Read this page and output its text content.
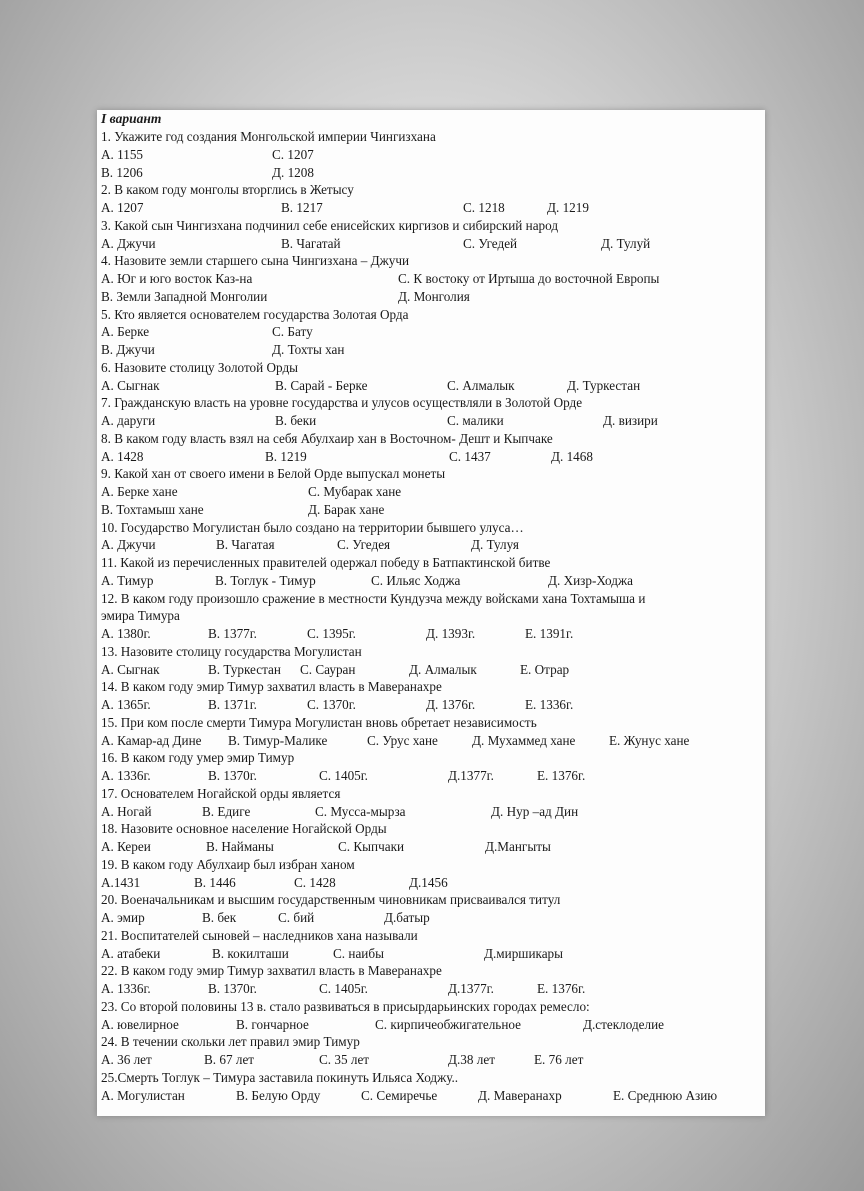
I вариант
1. Укажите год создания Монгольской империи Чингизхана
A. 1155	C. 1207
B. 1206	Д. 1208
2. В каком году монголы вторглись в Жетысу
A. 1207	B. 1217	C. 1218	Д. 1219
3. Какой сын Чингизхана подчинил себе енисейских киргизов и сибирский народ
A. Джучи	B. Чагатай	C. Угедей	Д. Тулуй
4. Назовите земли старшего сына Чингизхана – Джучи
A. Юг и юго восток Каз-на	C. К востоку от Иртыша до восточной Европы
B. Земли Западной Монголии	Д. Монголия
5. Кто является основателем государства Золотая Орда
A. Берке	C. Бату
B. Джучи	Д. Тохты хан
6. Назовите столицу Золотой Орды
A. Сыгнак	B. Сарай - Берке	C. Алмалык	Д. Туркестан
7. Гражданскую власть на уровне государства и улусов осуществляли в Золотой Орде
A. даруги	B. беки	C. малики	Д. визири
8. В каком году власть взял на себя Абулхаир хан в Восточном- Дешт и Кыпчаке
A. 1428	B. 1219	C. 1437	Д. 1468
9. Какой хан от своего имени в Белой Орде выпускал монеты
A. Берке хане	C. Мубарак хане
B. Тохтамыш хане	Д. Барак хане
10. Государство Могулистан было создано на территории бывшего улуса…
A. Джучи	B. Чагатая	C. Угедея	Д. Тулуя
11. Какой из перечисленных правителей одержал победу в Батпактинской битве
A. Тимур	B. Тоглук - Тимур	C. Ильяс Ходжа	Д. Хизр-Ходжа
12. В каком году произошло сражение в местности Кундузча между войсками хана Тохтамыша и
эмира Тимура
A. 1380г.	B. 1377г.	C. 1395г.	Д. 1393г.	E. 1391г.
13. Назовите столицу государства Могулистан
A. Сыгнак	B. Туркестан C. Сауран	Д. Алмалык	E. Отрар
14. В каком году эмир Тимур захватил власть в Маверанахре
A. 1365г.	B. 1371г.	C. 1370г.	Д. 1376г.	E. 1336г.
15. При ком после смерти Тимура Могулистан вновь обретает независимость
A. Камар-ад Дине B. Тимур-Малике	C. Урус хане	Д. Мухаммед хане	E. Жунус хане
16. В каком году умер эмир Тимур
A. 1336г.	B. 1370г.	C. 1405г.	Д.1377г.	E. 1376г.
17. Основателем Ногайской орды является
A. Ногай	B. Едиге	C. Мусса-мырза	Д. Нур –ад Дин
18. Назовите основное население Ногайской Орды
A. Кереи	B. Найманы	C. Кыпчаки	Д.Мангыты
19. В каком году Абулхаир был избран ханом
A.1431	B. 1446	C. 1428	Д.1456
20. Военачальникам и высшим государственным чиновникам присваивался титул
A. эмир	B. бек	C. бий	Д.батыр
21. Воспитателей сыновей – наследников хана называли
A. атабеки	B. кокилташи	C. наибы	Д.миршикары
22. В каком году эмир Тимур захватил власть в Маверанахре
A. 1336г.	B. 1370г.	C. 1405г.	Д.1377г.	E. 1376г.
23. Со второй половины 13 в. стало развиваться в присырдарьинских городах ремесло:
A. ювелирное	B. гончарное	C. кирпичеобжигательное	Д.стеклоделие
24. В течении скольки лет правил эмир Тимур
A. 36 лет	B. 67 лет	C. 35 лет	Д.38 лет	E. 76 лет
25.Смерть Тоглук – Тимура заставила покинуть Ильяса Ходжу..
A. Могулистан	B. Белую Орду	C. Семиречье	Д. Маверанахр	E. Среднюю Азию
